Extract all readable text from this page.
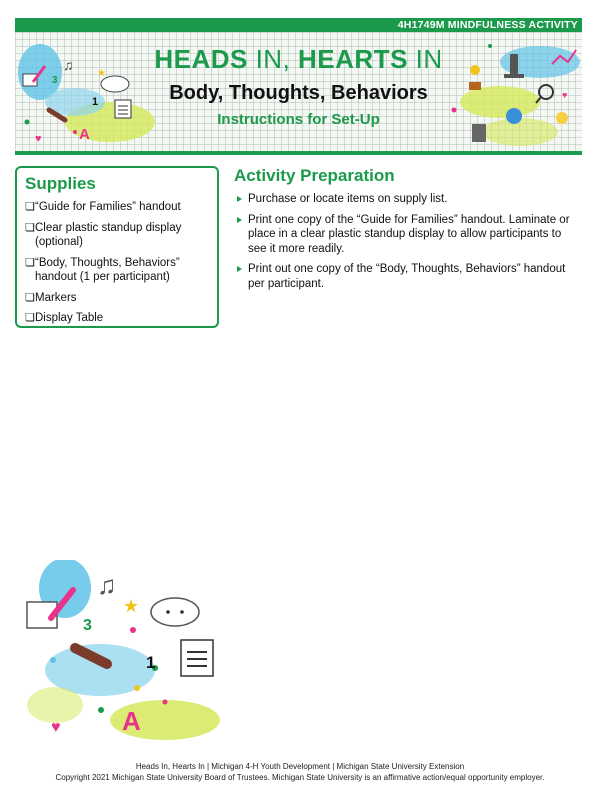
4H1749M MINDFULNESS ACTIVITY
♫
★
♥
3
1
A
♥
HEADS IN, HEARTS IN
Body, Thoughts, Behaviors
Instructions for Set-Up
Supplies
❏ “Guide for Families” handout
❏ Clear plastic standup display (optional)
❏ “Body, Thoughts, Behaviors” handout (1 per participant)
❏ Markers
❏ Display Table
Activity Preparation
Purchase or locate items on supply list.
Print one copy of the “Guide for Families” handout. Laminate or place in a clear plastic standup display to allow participants to see it more readily.
Print out one copy of the “Body, Thoughts, Behaviors” handout per participant.
♫
★
♥
3
1
A
Heads In, Hearts In | Michigan 4-H Youth Development | Michigan State University Extension
Copyright 2021 Michigan State University Board of Trustees. Michigan State University is an affirmative action/equal opportunity employer.
